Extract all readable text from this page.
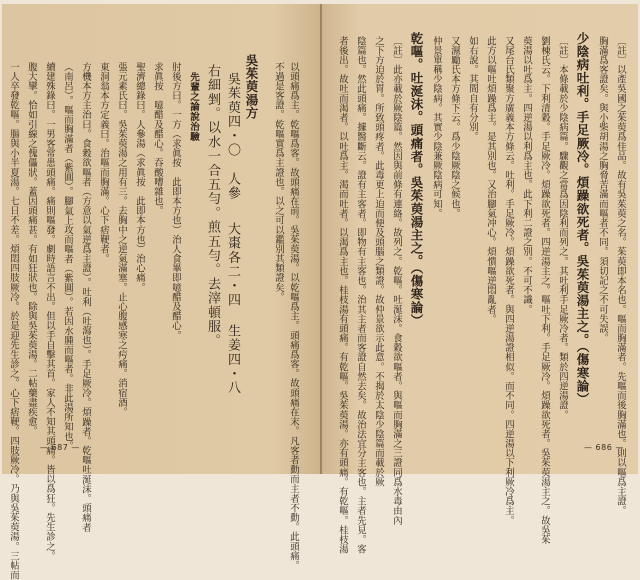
以頭痛爲主。乾嘔爲客。故頭痛在前。吳茱萸湯。以乾嘔爲主。頭痛爲客。故頭痛在末。凡客者動而主者不動。此頭痛。
不過是客證。乾嘔實爲主證也。以之可以鑑別其類證矣。
吳茱萸湯方
吳茱萸四・〇
人參
大棗各二・四
生姜四・八
右細剉。以水一合五勻。煎五勻。去滓頓服。
先輩之論說治驗
肘後方曰。一方（求眞按　此即本方也）治人食畢即噫醋及醋心。
求眞按　噫醋及醋心。吞酸嘈雜也。
聖濟總錄曰。人參湯（求眞按　此即本方也）治心痛。
張元素氏曰。吳茱萸湯之用有三。去胸中之逆氣滿塞。止心腹感寒之疞痛。消宿酒。
東洞翁本方定義曰。治嘔而胸滿。心下痞鞕者。
方機本方主治曰。食穀欲嘔者（方意以氣逆爲主證）。吐利（吐瀉也）。手足厥冷。煩躁者。乾嘔吐涎沫。頭痛者
（南呂）。嘔而胸滿者（紫圓）。腳氣上攻而嘔者（紫圓）。若因水腫而嘔者。非此湯所知也。
續建殊錄曰。一男客常患頭痛。痛則嘔發。劇時語言不出。但以手自擊其首。家人不知其頭痛。皆以爲狂。先生診之。
腹大攣。恰如引線之傀儡狀。蓋因頭痛甚。有如狂狀也。除與吳茱萸湯。二帖藥盡疾愈。
一人卒發乾嘔。腸與小半夏湯。七日不差。煩悶四肢厥冷。於是迎先生診之。心下痞鞕。四肢厥冷。乃與吳茱萸湯。三帖而	— 687 —	〔註〕以產吳國之茱萸爲佳品。故有吳茱萸之名。茱萸即本名也。嘔而胸滿者。先嘔而後胸滿也。則以嘔爲主證。
胸滿爲客證矣。與小柴胡湯之胸脅苦滿而嘔者不同。須切記之不可失誤。
少陰病吐利。手足厥冷。煩躁欲死者。吳茱萸湯主之。（傷寒論）
〔註〕本條載於少陰病篇。驟觀之當爲因陰利而列之。其吐利手足厥冷者。類於四逆湯證。
劉棟氏云。下利清穀。手足厥冷。煩躁欲死者。四逆湯主之。嘔吐下利。手足厥冷。煩躁欲死者。吳茱萸湯主之。故吳茱
萸湯以吐爲主。四逆湯以利爲主也。此下利二證之別。不可不識。
又尾台氏類聚方廣義本方條云。吐利。手足厥冷。煩躁欲死者。與四逆湯證相似。而不同。四逆湯以下利厥冷爲主。
此方以嘔吐煩躁爲主。是其別也。又治腳氣冲心。煩憒嘔逆悶亂者。
如右說。其間自有分別。
又濕勵氏本方條下云。爲少陰厥陰之候也。
仲景單稱少陰病。其實少陰兼厥陰病可知。
乾嘔。吐涎沫。頭痛者。吳茱萸湯主之。（傷寒論）
〔註〕此亦載於厥陰篇。然因與前條有連絡。故列之。乾嘔。吐涎沫。食穀欲嘔者。與嘔而胸滿之三證同爲水毒由內
之下方迫於胃。所致頭疼者。此毒更上迫而便及頭腦之類證。故仲景欲示此意。不揭於太陰少陰篇而載於厥
陰篇也。然此頭痛。據醫斷云。證有主客者。即物有主客也。治其主者而客證自然去矣。故治法宜分主客也。主者先見。客
者後出。故吐而渴者。以吐爲主。渴而吐者。以渴爲主也。桂枝湯有頭痛。有乾嘔。吳茱萸湯。亦有頭痛。有乾嘔。桂枝湯	— 686 —
